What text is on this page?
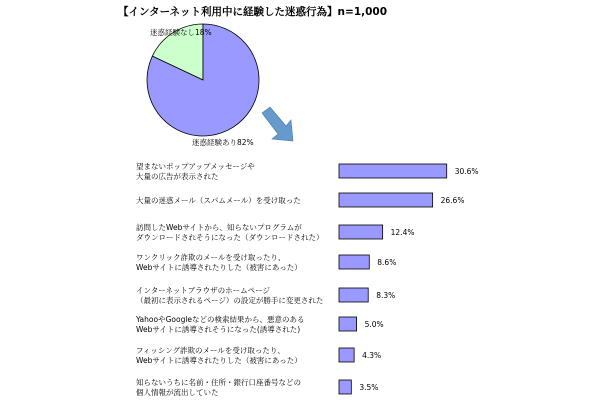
【インターネット利用中に経験した迷惑行為】n=1,000
迷惑経験なし18%
迷惑経験あり82%
30.6%
望まないポップアップメッセージや大量の広告が表示された
26.6%
大量の迷惑メール（スパムメール）を受け取った
12.4%
訪問したWebサイトから、知らないプログラムがダウンロードされそうになった（ダウンロードされた）
8.6%
ワンクリック詐欺のメールを受け取ったり、 Webサイトに誘導されたりした（被害にあった）
8.3%
インターネットブラウザのホームページ（最初に表示されるページ）の設定が勝手に変更された
5.0%
YahooやGoogleなどの検索結果から、悪意のある Webサイトに誘導されそうになった(誘導された)
4.3%
フィッシング詐欺のメールを受け取ったり、 Webサイトに誘導されたりした（被害にあった）
3.5%
知らないうちに名前・住所・銀行口座番号などの個人情報が流出していた
